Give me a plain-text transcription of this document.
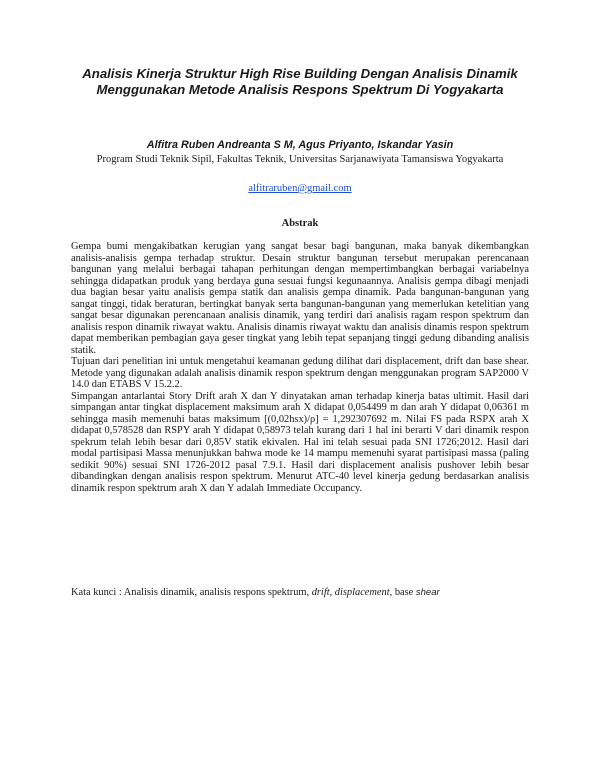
Analisis Kinerja Struktur High Rise Building Dengan Analisis Dinamik Menggunakan Metode Analisis Respons Spektrum Di Yogyakarta
Alfitra Ruben Andreanta S M, Agus Priyanto, Iskandar Yasin
Program Studi Teknik Sipil, Fakultas Teknik, Universitas Sarjanawiyata Tamansiswa Yogyakarta
alfitraruben@gmail.com
Abstrak

Gempa bumi mengakibatkan kerugian yang sangat besar bagi bangunan, maka banyak dikembangkan analisis-analisis gempa terhadap struktur. Desain struktur bangunan tersebut merupakan perencanaan bangunan yang melalui berbagai tahapan perhitungan dengan mempertimbangkan berbagai variabelnya sehingga didapatkan produk yang berdaya guna sesuai fungsi kegunaannya. Analisis gempa dibagi menjadi dua bagian besar yaitu analisis gempa statik dan analisis gempa dinamik. Pada bangunan-bangunan yang sangat tinggi, tidak beraturan, bertingkat banyak serta bangunan-bangunan yang memerlukan ketelitian yang sangat besar digunakan perencanaan analisis dinamik, yang terdiri dari analisis ragam respon spektrum dan analisis respon dinamik riwayat waktu. Analisis dinamis riwayat waktu dan analisis dinamis respon spektrum dapat memberikan pembagian gaya geser tingkat yang lebih tepat sepanjang tinggi gedung dibanding analisis statik.

Tujuan dari penelitian ini untuk mengetahui keamanan gedung dilihat dari displacement, drift dan base shear. Metode yang digunakan adalah analisis dinamik respon spektrum dengan menggunakan program SAP2000 V 14.0 dan ETABS V 15.2.2.

Simpangan antarlantai Story Drift arah X dan Y dinyatakan aman terhadap kinerja batas ultimit. Hasil dari simpangan antar tingkat displacement maksimum arah X didapat 0,054499 m dan arah Y didapat 0,06361 m sehingga masih memenuhi batas maksimum [(0,02hsx)/ρ] = 1,292307692 m. Nilai FS pada RSPX arah X didapat 0,578528 dan RSPY arah Y didapat 0,58973 telah kurang dari 1 hal ini berarti V dari dinamik respon spekrum telah lebih besar dari 0,85V statik ekivalen. Hal ini telah sesuai pada SNI 1726;2012. Hasil dari modal partisipasi Massa menunjukkan bahwa mode ke 14 mampu memenuhi syarat partisipasi massa (paling sedikit 90%) sesuai SNI 1726-2012 pasal 7.9.1. Hasil dari displacement analisis pushover lebih besar dibandingkan dengan analisis respon spektrum. Menurut ATC-40 level kinerja gedung berdasarkan analisis dinamik respon spektrum arah X dan Y adalah Immediate Occupancy.

Kata kunci : Analisis dinamik, analisis respons spektrum, drift, displacement, base shear
